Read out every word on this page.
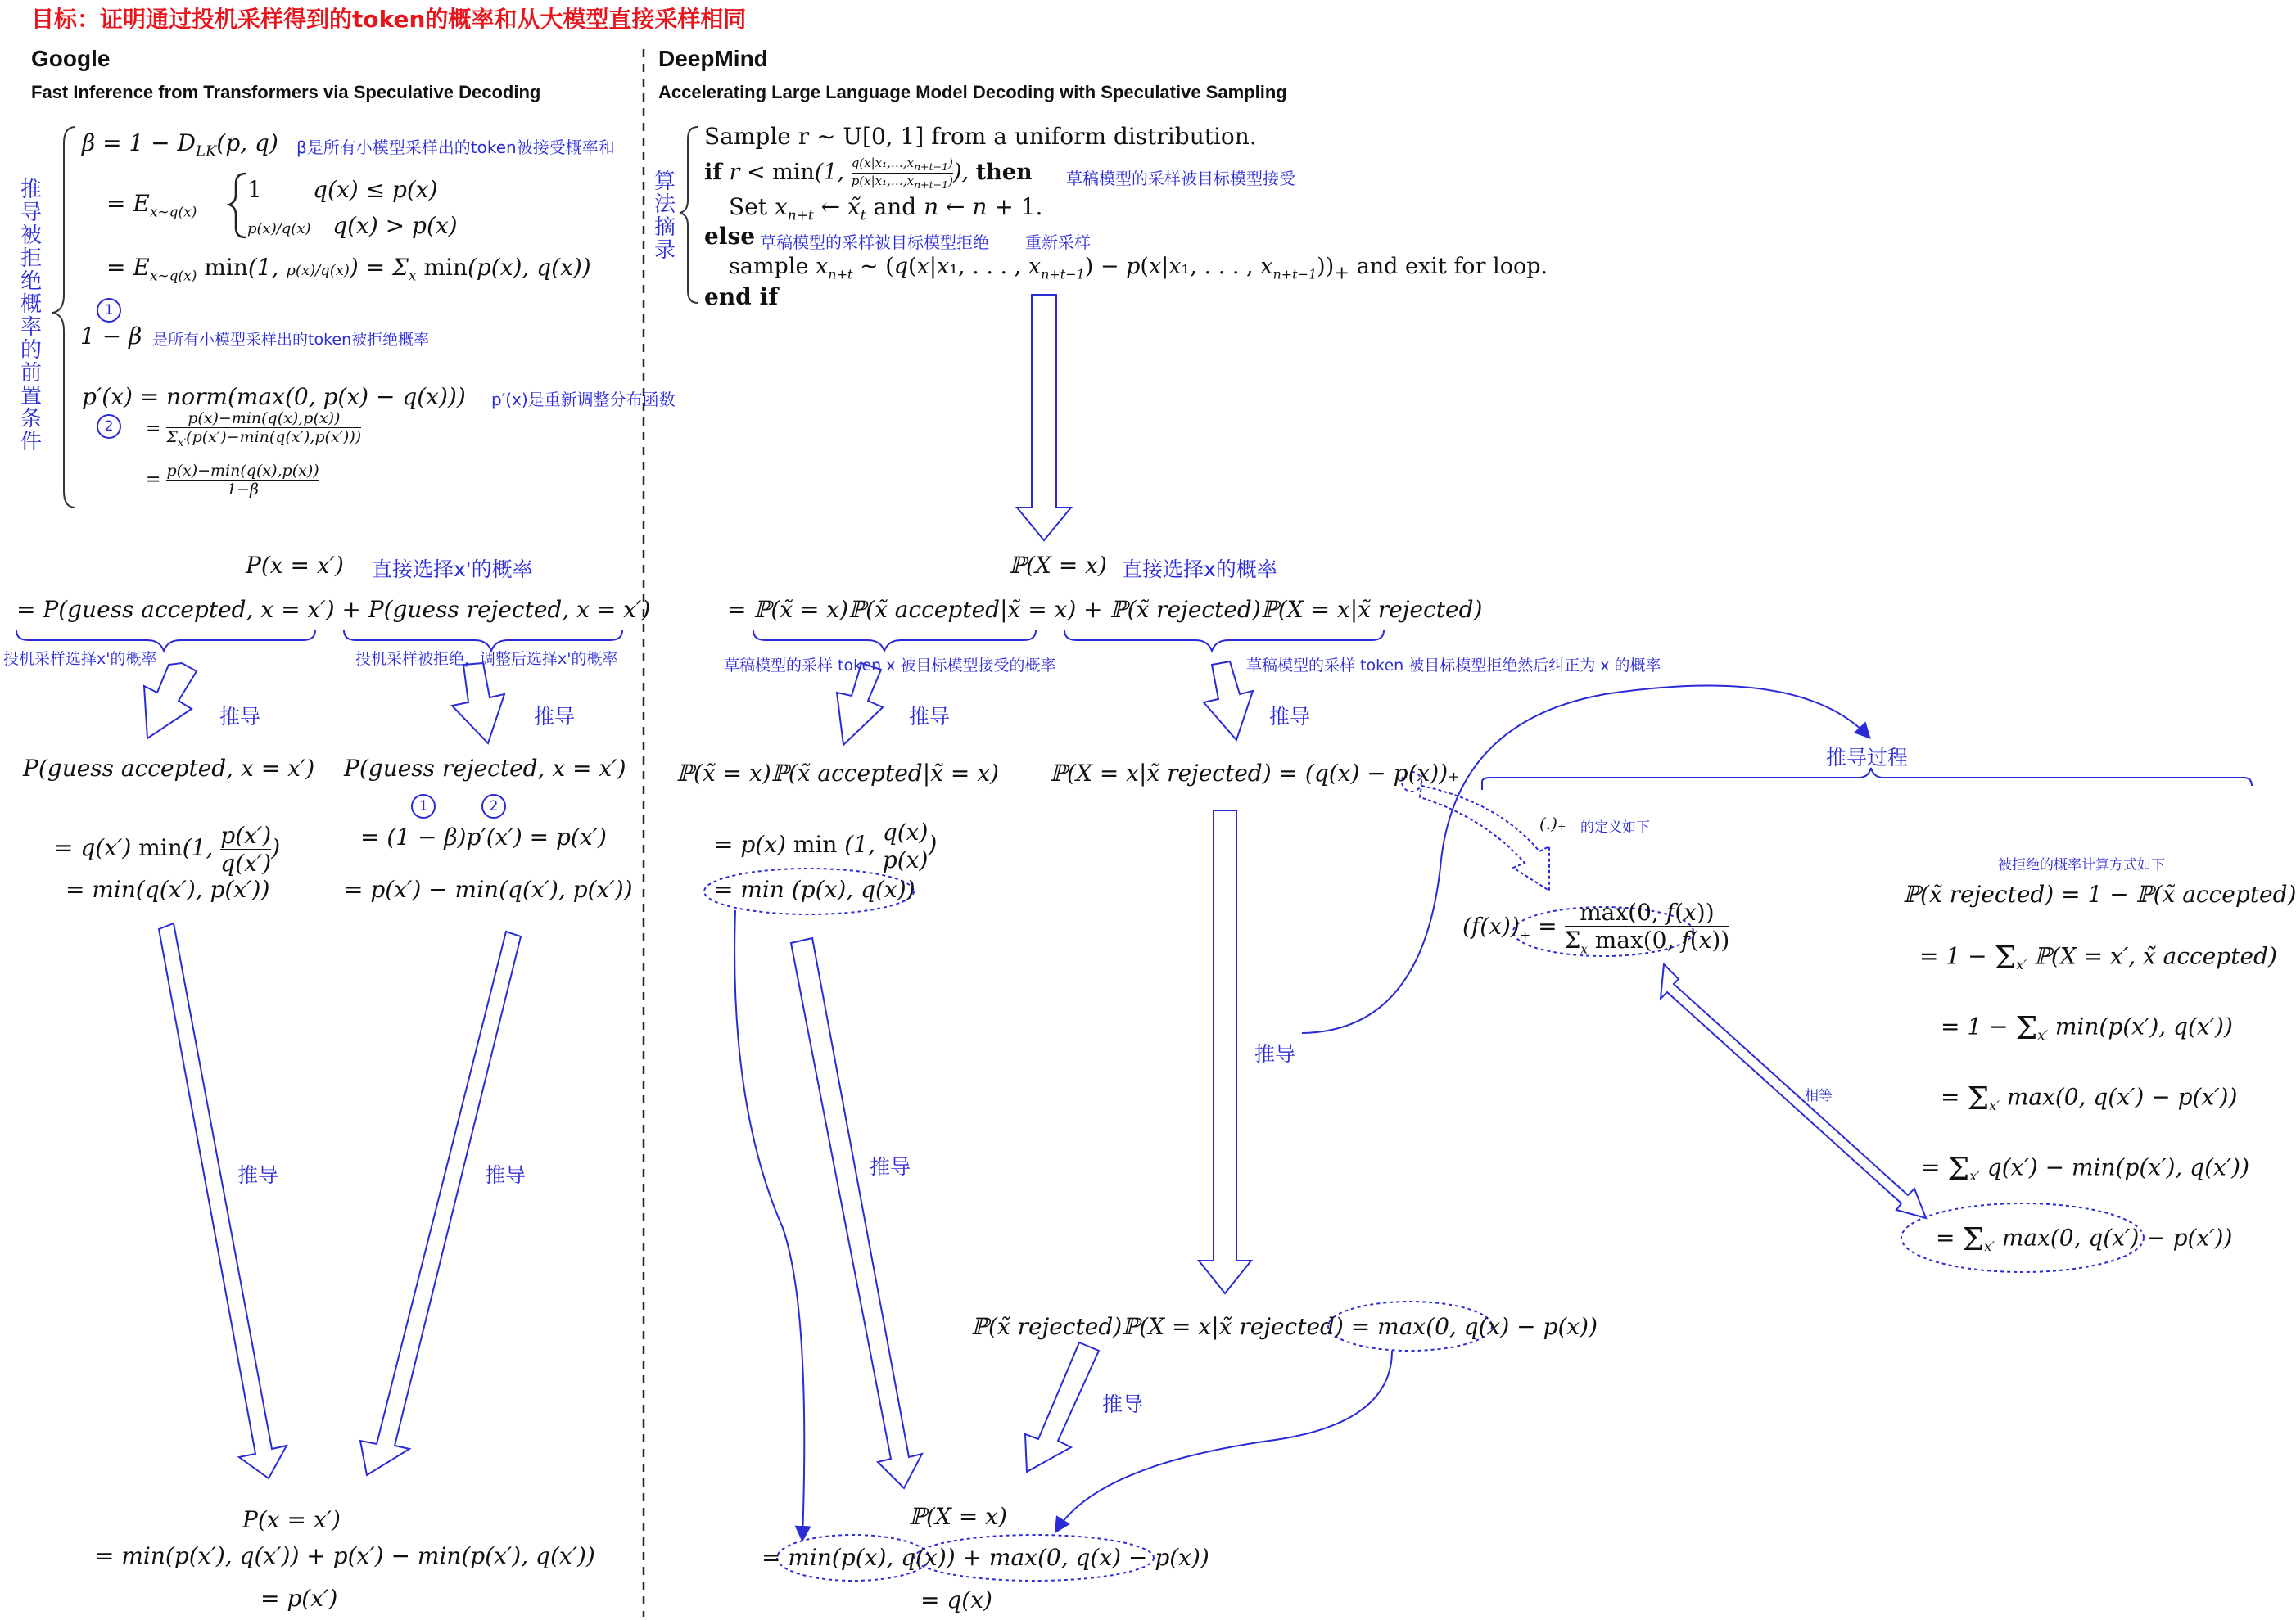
目标：证明通过投机采样得到的token的概率和从大模型直接采样相同
Google
Fast Inference from Transformers via Speculative Decoding
推导被拒绝概率的前置条件
$\beta = 1 - D_{LK}(p$, q) β是所有小模型采样出的token被接受概率和
= $E_{x\sim q(x)}$
1       q(x) ≤ p(x)
p(x)/q(x)   q(x) > p(x)
= $E_{x\sim q(x)}$ min(1, $p(x)/q(x)) = \Sigma_x$ min(p(x), q(x))
1
1 − β 是所有小模型采样出的token被拒绝概率
p′(x) = norm(max(0, p(x) − q(x))) p′(x)是重新调整分布函数
2	=
p(x)−min(q(x),p(x))
$\Sigma_{x'}(p(x')-\min(q(x'),p(x')))$
= p(x)−min(q(x),p(x))
1−β
P(x = x′) 直接选择x'的概率
= P(guess accepted, x = x′) + P(guess rejected, x = x′)
投机采样选择x'的概率	投机采样被拒绝，调整后选择x'的概率
推导	推导
P(guess accepted, x = x′)
= q(x′) min(1, $\frac{p(x')}{q(x')}$ )
= min(q(x′), p(x′))
P(guess rejected, x = x′)
1	2
= (1 − β)p′(x′) = p(x′)
= p(x′) − min(q(x′), p(x′))
推导	推导
P(x = x′)
= min(p(x′), q(x′)) + p(x′) − min(p(x′), q(x′))
= p(x′)
DeepMind
Accelerating Large Language Model Decoding with Speculative Sampling
算法摘录
Sample r ∼ U[0, 1] from a uniform distribution.
if r < min(1, $\frac{q(x|x_1,\dots,x_{n+t-1})}{p(x|x_1,\dots,x_{n+t-1})}$ ), then 草稿模型的采样被目标模型接受
Set $x_{n+t}$ ← $x̃_t$ and n ← n + 1.
else 草稿模型的采样被目标模型拒绝 重新采样
sample $x_{n+t}$ ∼ (q(x|x₁, . . . , $x_{n+t-1}) - p(x|x_1$, . . . , $x_{n+t-1}))_+$ and exit for loop.
end if
ℙ(X = x) 直接选择x的概率
= ℙ(x̃ = x)ℙ(x̃ accepted|x̃ = x) + ℙ(x̃ rejected)ℙ(X = x|x̃ rejected)
草稿模型的采样 token x 被目标模型接受的概率	草稿模型的采样 token 被目标模型拒绝然后纠正为 x 的概率
推导	推导
ℙ(x̃ = x)ℙ(x̃ accepted|x̃ = x)
= p(x) min (1, $\frac{q(x)}{p(x)}$ )
= min (p(x), q(x))
ℙ(X = x|x̃ rejected) = (q(x) − p(x))₊
(.)₊ 的定义如下
$(f(x))_+$ =
max(0, f(x))
$\Sigma_x$ max(0, f(x))
推导过程
被拒绝的概率计算方式如下
相等
ℙ(x̃ rejected) = 1 − ℙ(x̃ accepted)
= $1 - \Sigma_{x'}$ ℙ(X = x′, x̃ accepted)
= $1 - \Sigma_{x'}$ min(p(x′), q(x′))
= $\Sigma_{x'}$ max(0, q(x′) − p(x′))
= $\Sigma_{x'}$ q(x′) − min(p(x′), q(x′))
= $\Sigma_{x'}$ max(0, q(x′) − p(x′))
推导
推导
推导
ℙ(x̃ rejected)ℙ(X = x|x̃ rejected) = max(0, q(x) − p(x))
ℙ(X = x)
= min(p(x), q(x)) + max(0, q(x) − p(x))
= q(x)
